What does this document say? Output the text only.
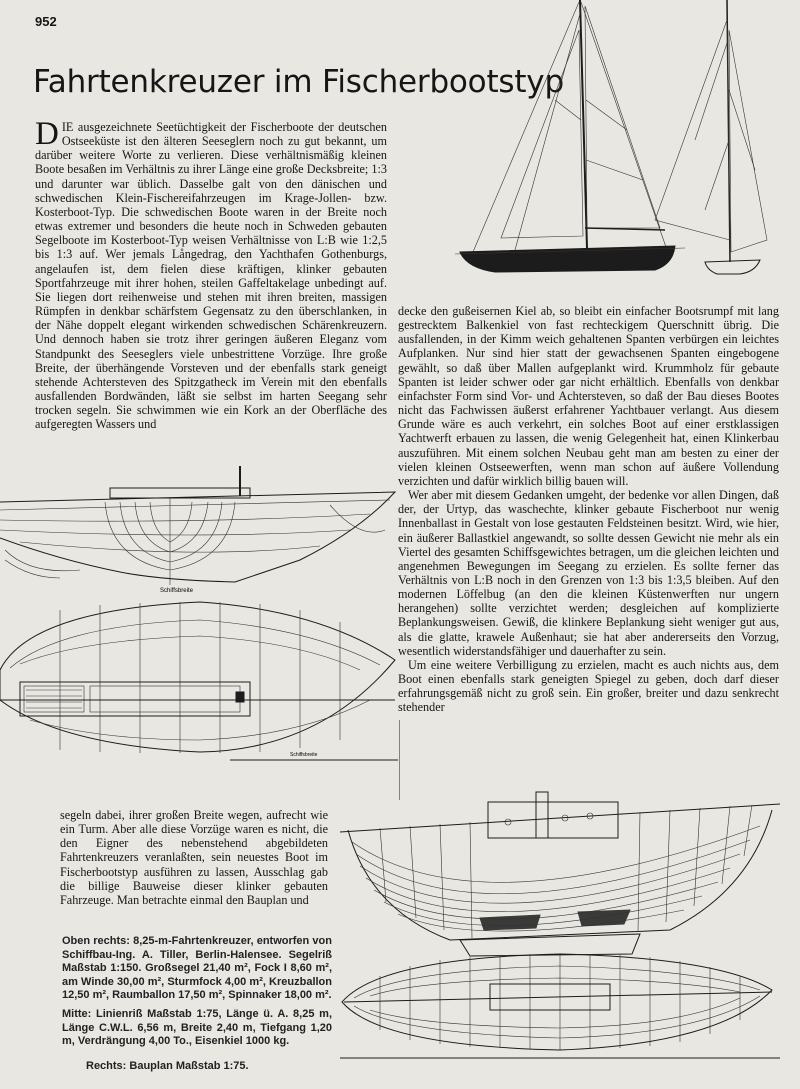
952
Fahrtenkreuzer im Fischerbootstyp

DIE ausgezeichnete Seetüchtigkeit der Fischerboote der deutschen Ostseeküste ist den älteren Seeseglern noch zu gut bekannt, um darüber weitere Worte zu verlieren. Diese verhältnismäßig kleinen Boote besaßen im Verhältnis zu ihrer Länge eine große Decksbreite; 1:3 und darunter war üblich. Dasselbe galt von den dänischen und schwedischen Klein-Fischereifahrzeugen im Krage-Jollen- bzw. Kosterboot-Typ. Die schwedischen Boote waren in der Breite noch etwas extremer und besonders die heute noch in Schweden gebauten Segelboote im Kosterboot-Typ weisen Verhältnisse von L:B wie 1:2,5 bis 1:3 auf. Wer jemals Långedrag, den Yachthafen Gothenburgs, angelaufen ist, dem fielen diese kräftigen, klinker gebauten Sportfahrzeuge mit ihrer hohen, steilen Gaffeltakelage unbedingt auf. Sie liegen dort reihenweise und stehen mit ihren breiten, massigen Rümpfen in denkbar schärfstem Gegensatz zu den überschlanken, in der Nähe doppelt elegant wirkenden schwedischen Schärenkreuzern. Und dennoch haben sie trotz ihrer geringen äußeren Eleganz vom Standpunkt des Seeseglers viele unbestrittene Vorzüge. Ihre große Breite, der überhängende Vorsteven und der ebenfalls stark geneigt stehende Achtersteven des Spitzgatheck im Verein mit den ebenfalls ausfallenden Bordwänden, läßt sie selbst im harten Seegang sehr trocken segeln. Sie schwimmen wie ein Kork an der Oberfläche des aufgeregten Wassers und

decke den gußeisernen Kiel ab, so bleibt ein einfacher Bootsrumpf mit lang gestrecktem Balkenkiel von fast rechteckigem Querschnitt übrig. Die ausfallenden, in der Kimm weich gehaltenen Spanten verbürgen ein leichtes Aufplanken. Nur sind hier statt der gewachsenen Spanten eingebogene gewählt, so daß über Mallen aufgeplankt wird. Krummholz für gebaute Spanten ist leider schwer oder gar nicht erhältlich. Ebenfalls von denkbar einfachster Form sind Vor- und Achtersteven, so daß der Bau dieses Bootes nicht das Fachwissen äußerst erfahrener Yachtbauer verlangt. Aus diesem Grunde wäre es auch verkehrt, ein solches Boot auf einer erstklassigen Yachtwerft erbauen zu lassen, die wenig Gelegenheit hat, einen Klinkerbau auszuführen. Mit einem solchen Neubau geht man am besten zu einer der vielen kleinen Ostseewerften, wenn man schon auf äußere Vollendung verzichten und dafür wirklich billig bauen will.

Wer aber mit diesem Gedanken umgeht, der bedenke vor allen Dingen, daß der, der Urtyp, das waschechte, klinker gebaute Fischerboot nur wenig Innenballast in Gestalt von lose gestauten Feldsteinen besitzt. Wird, wie hier, ein äußerer Ballastkiel angewandt, so sollte dessen Gewicht nie mehr als ein Viertel des gesamten Schiffsgewichtes betragen, um die gleichen leichten und angenehmen Bewegungen im Seegang zu erzielen. Es sollte ferner das Verhältnis von L:B noch in den Grenzen von 1:3 bis 1:3,5 bleiben. Auf den modernen Löffelbug (an den die kleinen Küstenwerften nur ungern herangehen) sollte verzichtet werden; desgleichen auf komplizierte Beplankungsweisen. Gewiß, die klinkere Beplankung sieht weniger gut aus, als die glatte, krawele Außenhaut; sie hat aber andererseits den Vorzug, wesentlich widerstandsfähiger und dauerhafter zu sein.

Um eine weitere Verbilligung zu erzielen, macht es auch nichts aus, dem Boot einen ebenfalls stark geneigten Spiegel zu geben, doch darf dieser erfahrungsgemäß nicht zu groß sein. Ein großer, breiter und dazu senkrecht stehender

Schiffsbreite
Schiffsbreite

segeln dabei, ihrer großen Breite wegen, aufrecht wie ein Turm. Aber alle diese Vorzüge waren es nicht, die den Eigner des nebenstehend abgebildeten Fahrtenkreuzers veranlaßten, sein neuestes Boot im Fischerbootstyp ausführen zu lassen, Ausschlag gab die billige Bauweise dieser klinker gebauten Fahrzeuge. Man betrachte einmal den Bauplan und

Oben rechts: 8,25-m-Fahrtenkreuzer, entworfen von Schiffbau-Ing. A. Tiller, Berlin-Halensee. Segelriß Maßstab 1:150. Großsegel 21,40 m², Fock I 8,60 m², am Winde 30,00 m², Sturmfock 4,00 m², Kreuzballon 12,50 m², Raumballon 17,50 m², Spinnaker 18,00 m².
Mitte: Linienriß Maßstab 1:75, Länge ü. A. 8,25 m, Länge C.W.L. 6,56 m, Breite 2,40 m, Tiefgang 1,20 m, Verdrängung 4,00 To., Eisenkiel 1000 kg.
Rechts: Bauplan Maßstab 1:75.
